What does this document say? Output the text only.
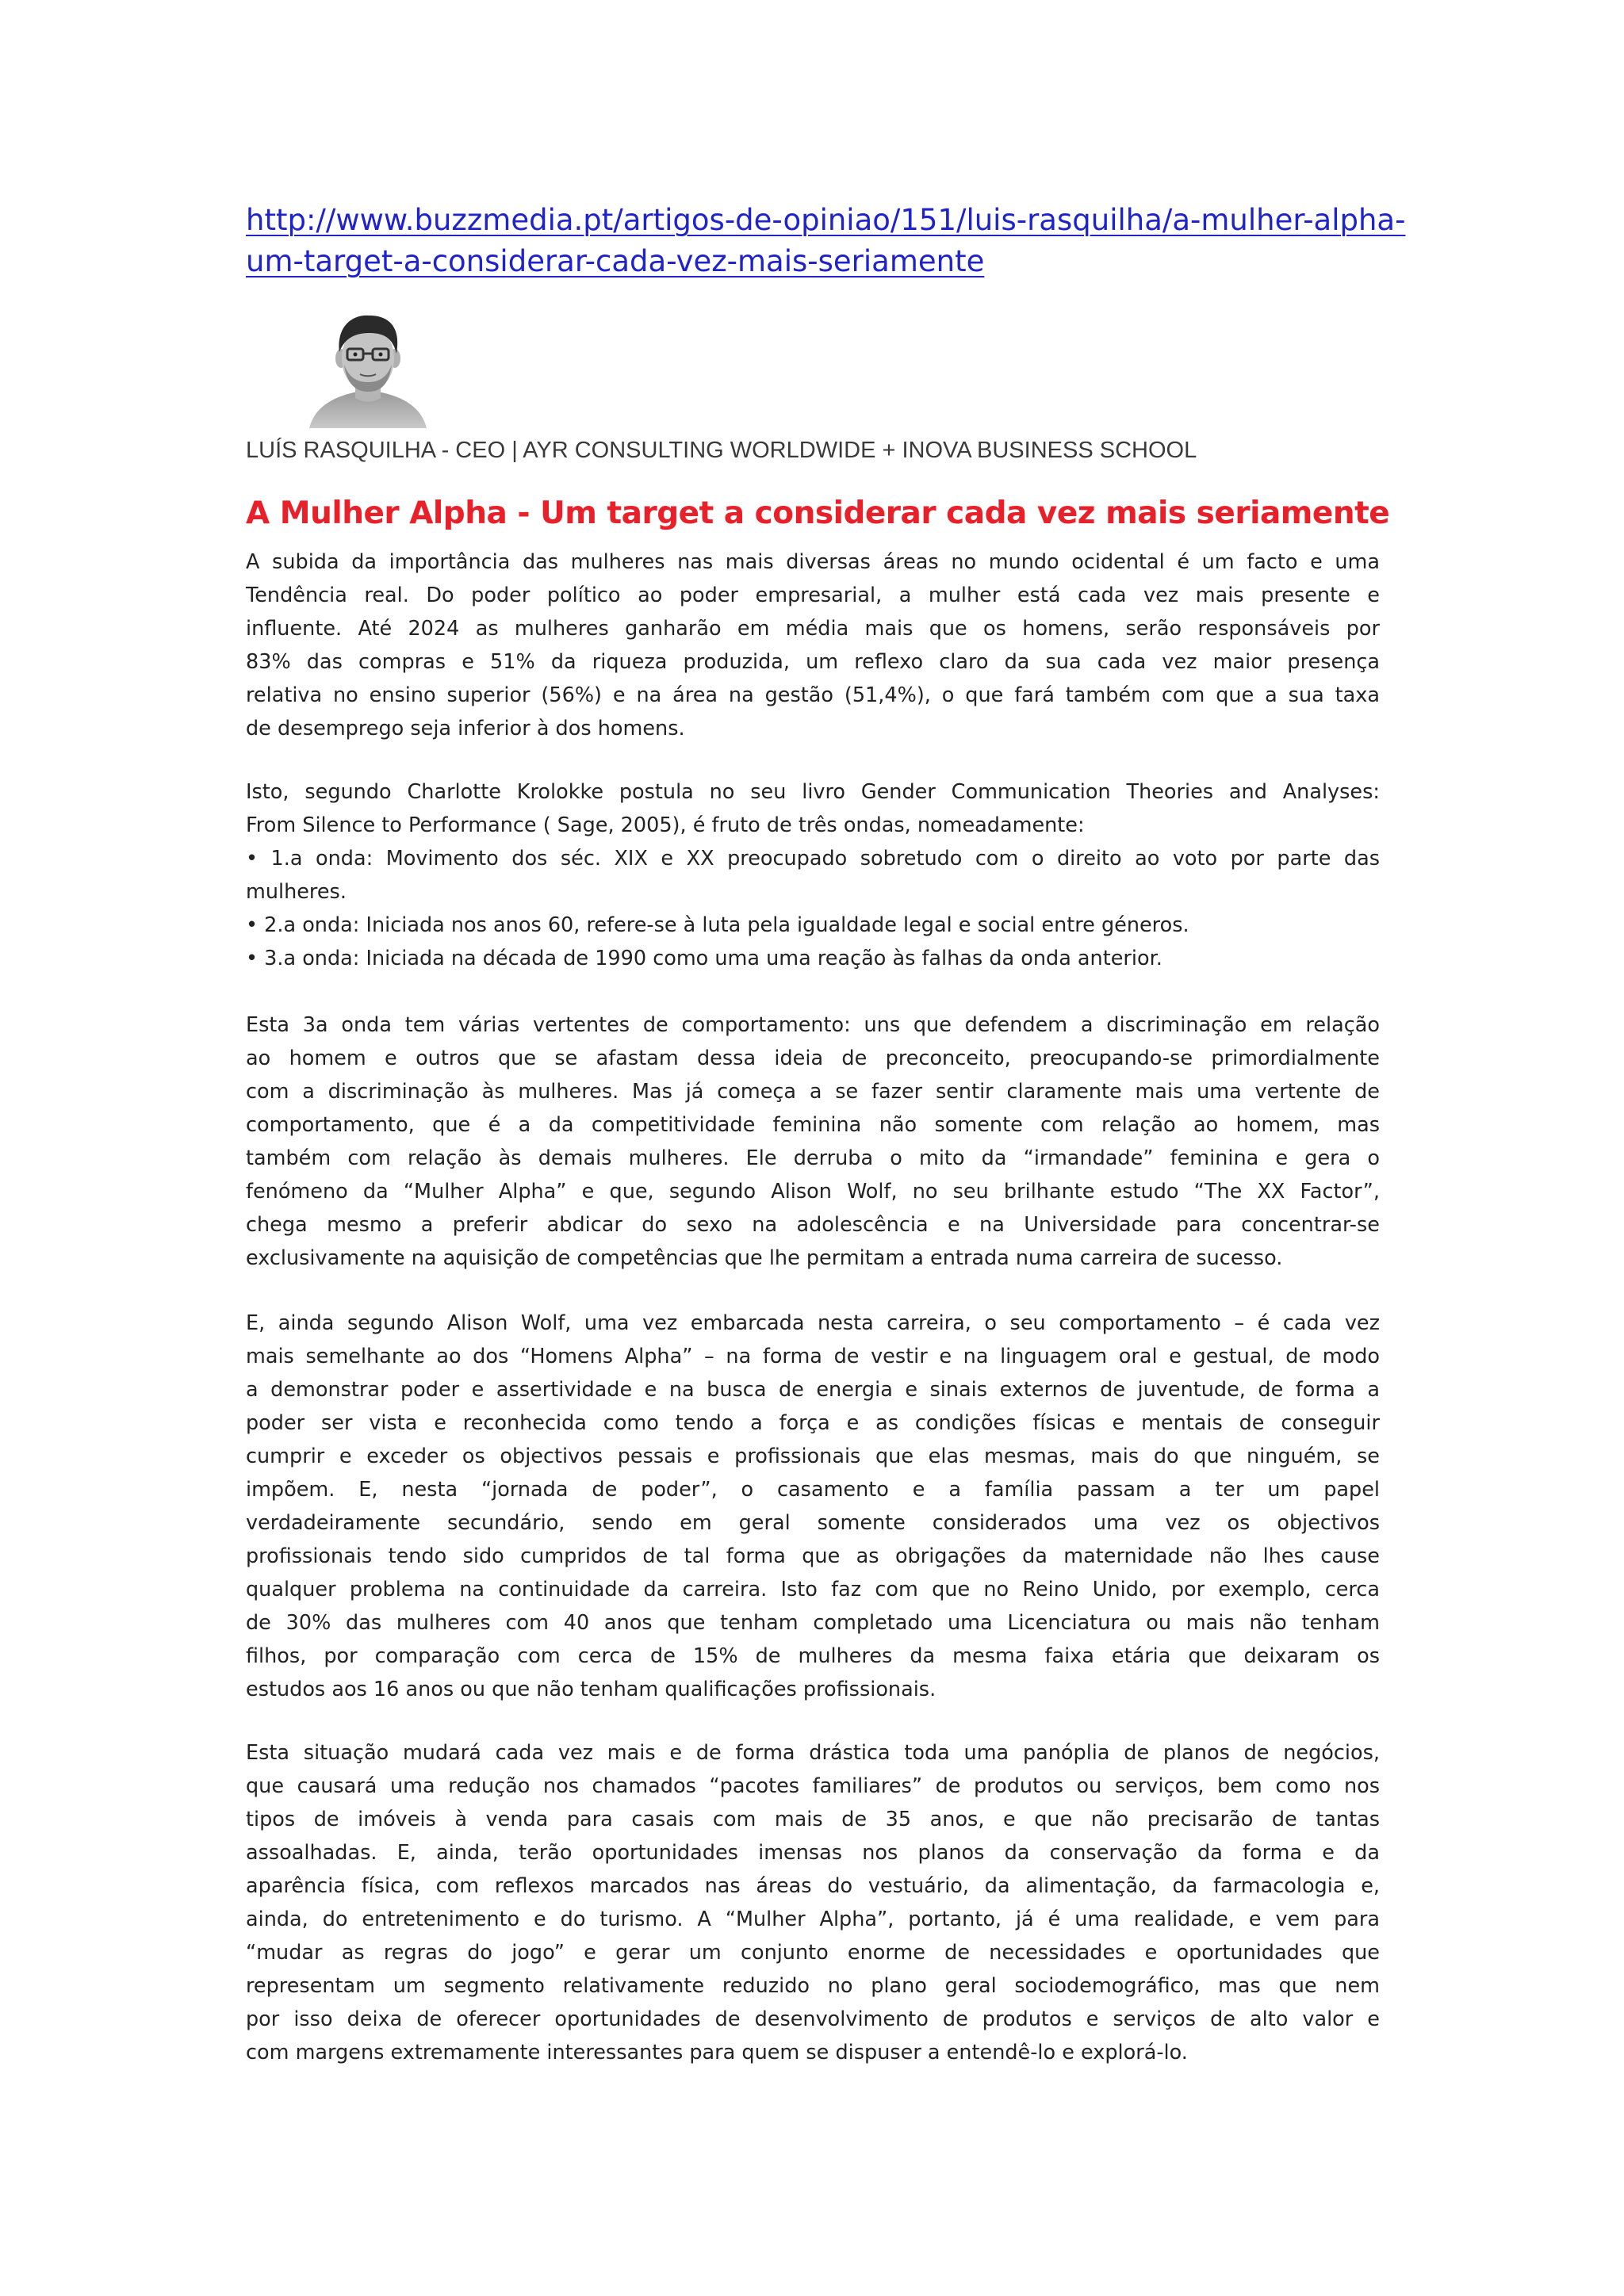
http://www.buzzmedia.pt/artigos-de-opiniao/151/luis-rasquilha/a-mulher-alpha-
um-target-a-considerar-cada-vez-mais-seriamente
LUÍS RASQUILHA - CEO | AYR CONSULTING WORLDWIDE + INOVA BUSINESS SCHOOL
A Mulher Alpha - Um target a considerar cada vez mais seriamente
A subida da importância das mulheres nas mais diversas áreas no mundo ocidental é um facto e uma
Tendência real. Do poder político ao poder empresarial, a mulher está cada vez mais presente e
influente. Até 2024 as mulheres ganharão em média mais que os homens, serão responsáveis por
83% das compras e 51% da riqueza produzida, um reflexo claro da sua cada vez maior presença
relativa no ensino superior (56%) e na área na gestão (51,4%), o que fará também com que a sua taxa
de desemprego seja inferior à dos homens.
Isto, segundo Charlotte Krolokke postula no seu livro Gender Communication Theories and Analyses:
From Silence to Performance ( Sage, 2005), é fruto de três ondas, nomeadamente:
• 1.a onda: Movimento dos séc. XIX e XX preocupado sobretudo com o direito ao voto por parte das
mulheres.
• 2.a onda: Iniciada nos anos 60, refere-se à luta pela igualdade legal e social entre géneros.
• 3.a onda: Iniciada na década de 1990 como uma uma reação às falhas da onda anterior.
Esta 3a onda tem várias vertentes de comportamento: uns que defendem a discriminação em relação
ao homem e outros que se afastam dessa ideia de preconceito, preocupando-se primordialmente
com a discriminação às mulheres. Mas já começa a se fazer sentir claramente mais uma vertente de
comportamento, que é a da competitividade feminina não somente com relação ao homem, mas
também com relação às demais mulheres. Ele derruba o mito da “irmandade” feminina e gera o
fenómeno da “Mulher Alpha” e que, segundo Alison Wolf, no seu brilhante estudo “The XX Factor”,
chega mesmo a preferir abdicar do sexo na adolescência e na Universidade para concentrar-se
exclusivamente na aquisição de competências que lhe permitam a entrada numa carreira de sucesso.
E, ainda segundo Alison Wolf, uma vez embarcada nesta carreira, o seu comportamento – é cada vez
mais semelhante ao dos “Homens Alpha” – na forma de vestir e na linguagem oral e gestual, de modo
a demonstrar poder e assertividade e na busca de energia e sinais externos de juventude, de forma a
poder ser vista e reconhecida como tendo a força e as condições físicas e mentais de conseguir
cumprir e exceder os objectivos pessais e profissionais que elas mesmas, mais do que ninguém, se
impõem. E, nesta “jornada de poder”, o casamento e a família passam a ter um papel
verdadeiramente secundário, sendo em geral somente considerados uma vez os objectivos
profissionais tendo sido cumpridos de tal forma que as obrigações da maternidade não lhes cause
qualquer problema na continuidade da carreira. Isto faz com que no Reino Unido, por exemplo, cerca
de 30% das mulheres com 40 anos que tenham completado uma Licenciatura ou mais não tenham
filhos, por comparação com cerca de 15% de mulheres da mesma faixa etária que deixaram os
estudos aos 16 anos ou que não tenham qualificações profissionais.
Esta situação mudará cada vez mais e de forma drástica toda uma panóplia de planos de negócios,
que causará uma redução nos chamados “pacotes familiares” de produtos ou serviços, bem como nos
tipos de imóveis à venda para casais com mais de 35 anos, e que não precisarão de tantas
assoalhadas. E, ainda, terão oportunidades imensas nos planos da conservação da forma e da
aparência física, com reflexos marcados nas áreas do vestuário, da alimentação, da farmacologia e,
ainda, do entretenimento e do turismo. A “Mulher Alpha”, portanto, já é uma realidade, e vem para
“mudar as regras do jogo” e gerar um conjunto enorme de necessidades e oportunidades que
representam um segmento relativamente reduzido no plano geral sociodemográfico, mas que nem
por isso deixa de oferecer oportunidades de desenvolvimento de produtos e serviços de alto valor e
com margens extremamente interessantes para quem se dispuser a entendê-lo e explorá-lo.
